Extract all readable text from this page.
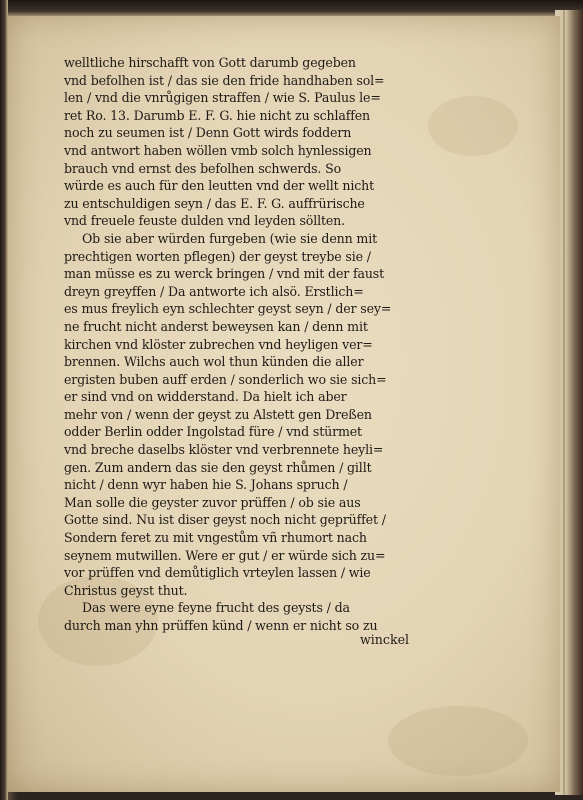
welltliche hirschafft von Gott darumb gegeben
vnd befolhen ist / das sie den fride handhaben sol=
len / vnd die vnrůgigen straffen / wie S. Paulus le=
ret Ro. 13. Darumb E. F. G. hie nicht zu schlaffen
noch zu seumen ist / Denn Gott wirds foddern
vnd antwort haben wöllen vmb solch hynlessigen
brauch vnd ernst des befolhen schwerds. So
würde es auch für den leutten vnd der wellt nicht
zu entschuldigen seyn / das E. F. G. auffrürische
vnd freuele feuste dulden vnd leyden söllten.
Ob sie aber würden furgeben (wie sie denn mit
prechtigen worten pflegen) der geyst treybe sie /
man müsse es zu werck bringen / vnd mit der faust
dreyn greyffen / Da antworte ich alsö. Erstlich=
es mus freylich eyn schlechter geyst seyn / der sey=
ne frucht nicht anderst beweysen kan / denn mit
kirchen vnd klöster zubrechen vnd heyligen ver=
brennen. Wilchs auch wol thun künden die aller
ergisten buben auff erden / sonderlich wo sie sich=
er sind vnd on widderstand. Da hielt ich aber
mehr von / wenn der geyst zu Alstett gen Dreßen
odder Berlin odder Ingolstad füre / vnd stürmet
vnd breche daselbs klöster vnd verbrennete heyli=
gen. Zum andern das sie den geyst rhůmen / gillt
nicht / denn wyr haben hie S. Johans spruch /
Man solle die geyster zuvor prüffen / ob sie aus
Gotte sind. Nu ist diser geyst noch nicht geprüffet /
Sondern feret zu mit vngestům vñ rhumort nach
seynem mutwillen. Were er gut / er würde sich zu=
vor prüffen vnd demůtiglich vrteylen lassen / wie
Christus geyst thut.
Das were eyne feyne frucht des geysts / da
durch man yhn prüffen künd / wenn er nicht so zu
winckel
